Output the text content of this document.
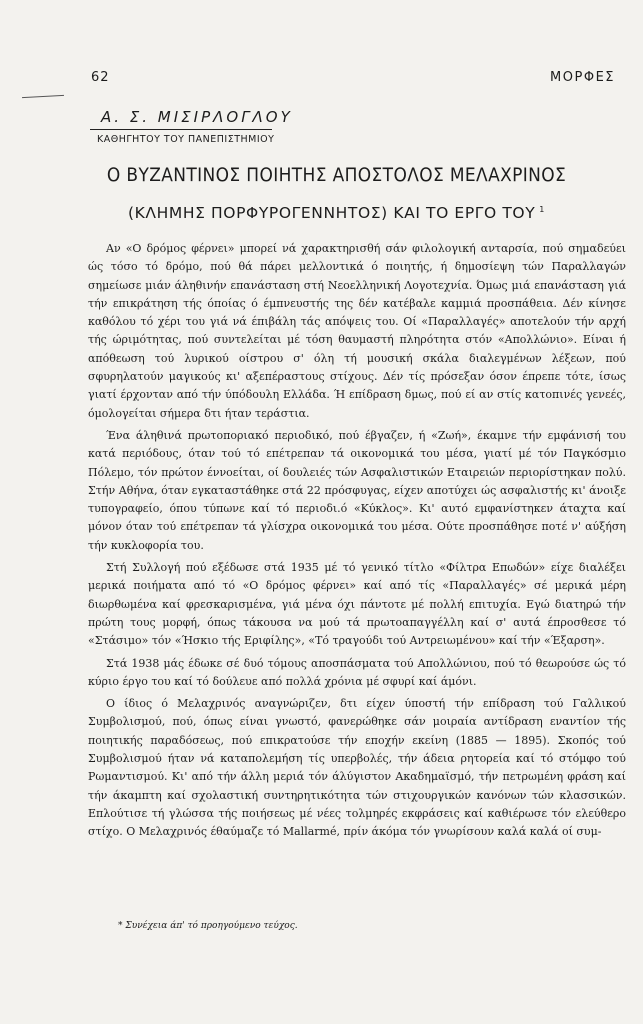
62	ΜΟΡΦΕΣ
Α. Σ. ΜΙΣΙΡΛΟΓΛΟΥ
ΚΑΘΗΓΗΤΟΥ ΤΟΥ ΠΑΝΕΠΙΣΤΗΜΙΟΥ
Ο ΒΥΖΑΝΤΙΝΟΣ ΠΟΙΗΤΗΣ ΑΠΟΣΤΟΛΟΣ ΜΕΛΑΧΡΙΝΟΣ
(ΚΛΗΜΗΣ ΠΟΡΦΥΡΟΓΕΝΝΗΤΟΣ) ΚΑΙ ΤΟ ΕΡΓΟ ΤΟΥ $^1$

Αν «Ο δρόμος φέρνει» μπορεί νά χαρακτηρισθή σάν φιλολογική ανταρσία, πού σημαδεύει ώς τόσο τό δρόμο, πού θά πάρει μελλοντικά ό ποιητής, ή δημοσίεψη τών Παραλλαγών σημείωσε μιάν άληθινήν επανάσταση στή Νεοελληνική Λογοτεχνία. Όμως μιά επανάσταση γιά τήν επικράτηση τής όποίας ό έμπνευστής της δέν κατέβαλε καμμιά προσπάθεια. Δέν κίνησε καθόλου τό χέρι του γιά νά έπιβάλη τάς απόψεις του. Οί «Παραλλαγές» αποτελούν τήν αρχή τής ώριμότητας, πού συντελείται μέ τόση θαυμαστή πληρότητα στόν «Απολλώνιο». Είναι ή απόθεωση τού λυρικού οίστρου σ' όλη τή μουσική σκάλα διαλεγμένων λέξεων, πού σφυρηλατούν μαγικούς κι' αξεπέραστους στίχους. Δέν τίς πρόσεξαν όσον έπρεπε τότε, ίσως γιατί έρχονταν από τήν ύπόδουλη Ελλάδα. Ή επίδραση δμως, πού εί αν στίς κατοπινές γενεές, όμολογείται σήμερα δτι ήταν τεράστια.

Ένα άληθινά πρωτοποριακό περιοδικό, πού έβγαζεν, ή «Ζωή», έκαμνε τήν εμφάνισή του κατά περιόδους, όταν τού τό επέτρεπαν τά οικονομικά του μέσα, γιατί μέ τόν Παγκόσμιο Πόλεμο, τόν πρώτον έννοείται, οί δουλειές τών Ασφαλιστικών Εταιρειών περιορίστηκαν πολύ. Στήν Αθήνα, όταν εγκαταστάθηκε στά 22 πρόσφυγας, είχεν αποτύχει ώς ασφαλιστής κι' άνοιξε τυπογραφείο, όπου τύπωνε καί τό περιοδι.ό «Κύκλος». Κι' αυτό εμφανίστηκεν άταχτα καί μόνον όταν τού επέτρεπαν τά γλίσχρα οικονομικά του μέσα. Ούτε προσπάθησε ποτέ ν' αύξήση τήν κυκλοφορία του.

Στή Συλλογή πού εξέδωσε στά 1935 μέ τό γενικό τίτλο «Φίλτρα Επωδών» είχε διαλέξει μερικά ποιήματα από τό «Ο δρόμος φέρνει» καί από τίς «Παραλλαγές» σέ μερικά μέρη διωρθωμένα καί φρεσκαρισμένα, γιά μένα όχι πάντοτε μέ πολλή επιτυχία. Εγώ διατηρώ τήν πρώτη τους μορφή, όπως τάκουσα να μού τά πρωτοαπαγγέλλη καί σ' αυτά έπροσθεσε τό «Στάσιμο» τόν «Ήσκιο τής Εριφίλης», «Τό τραγούδι τού Αντρειωμένου» καί τήν «Έξαρση».

Στά 1938 μάς έδωκε σέ δυό τόμους αποσπάσματα τού Απολλώνιου, πού τό θεωρούσε ώς τό κύριο έργο του καί τό δούλευε από πολλά χρόνια μέ σφυρί καί άμόνι.

Ο ίδιος ό Μελαχρινός αναγνώριζεν, δτι είχεν ύποστή τήν επίδραση τού Γαλλικού Συμβολισμού, πού, όπως είναι γνωστό, φανερώθηκε σάν μοιραία αντίδραση εναντίον τής ποιητικής παραδόσεως, πού επικρατούσε τήν εποχήν εκείνη (1885 — 1895). Σκοπός τού Συμβολισμού ήταν νά καταπολεμήση τίς υπερβολές, τήν άδεια ρητορεία καί τό στόμφο τού Ρωμαντισμού. Κι' από τήν άλλη μεριά τόν άλύγιστον Ακαδημαϊσμό, τήν πετρωμένη φράση καί τήν άκαμπτη καί σχολαστική συντηρητικότητα τών στιχουργικών κανόνων τών κλασσικών. Επλούτισε τή γλώσσα τής ποιήσεως μέ νέες τολμηρές εκφράσεις καί καθιέρωσε τόν ελεύθερο στίχο. Ο Μελαχρινός έθαύμαζε τό Mallarmé, πρίν άκόμα τόν γνωρίσουν καλά καλά οί συμ-

* Συνέχεια άπ' τό προηγούμενο τεύχος.
